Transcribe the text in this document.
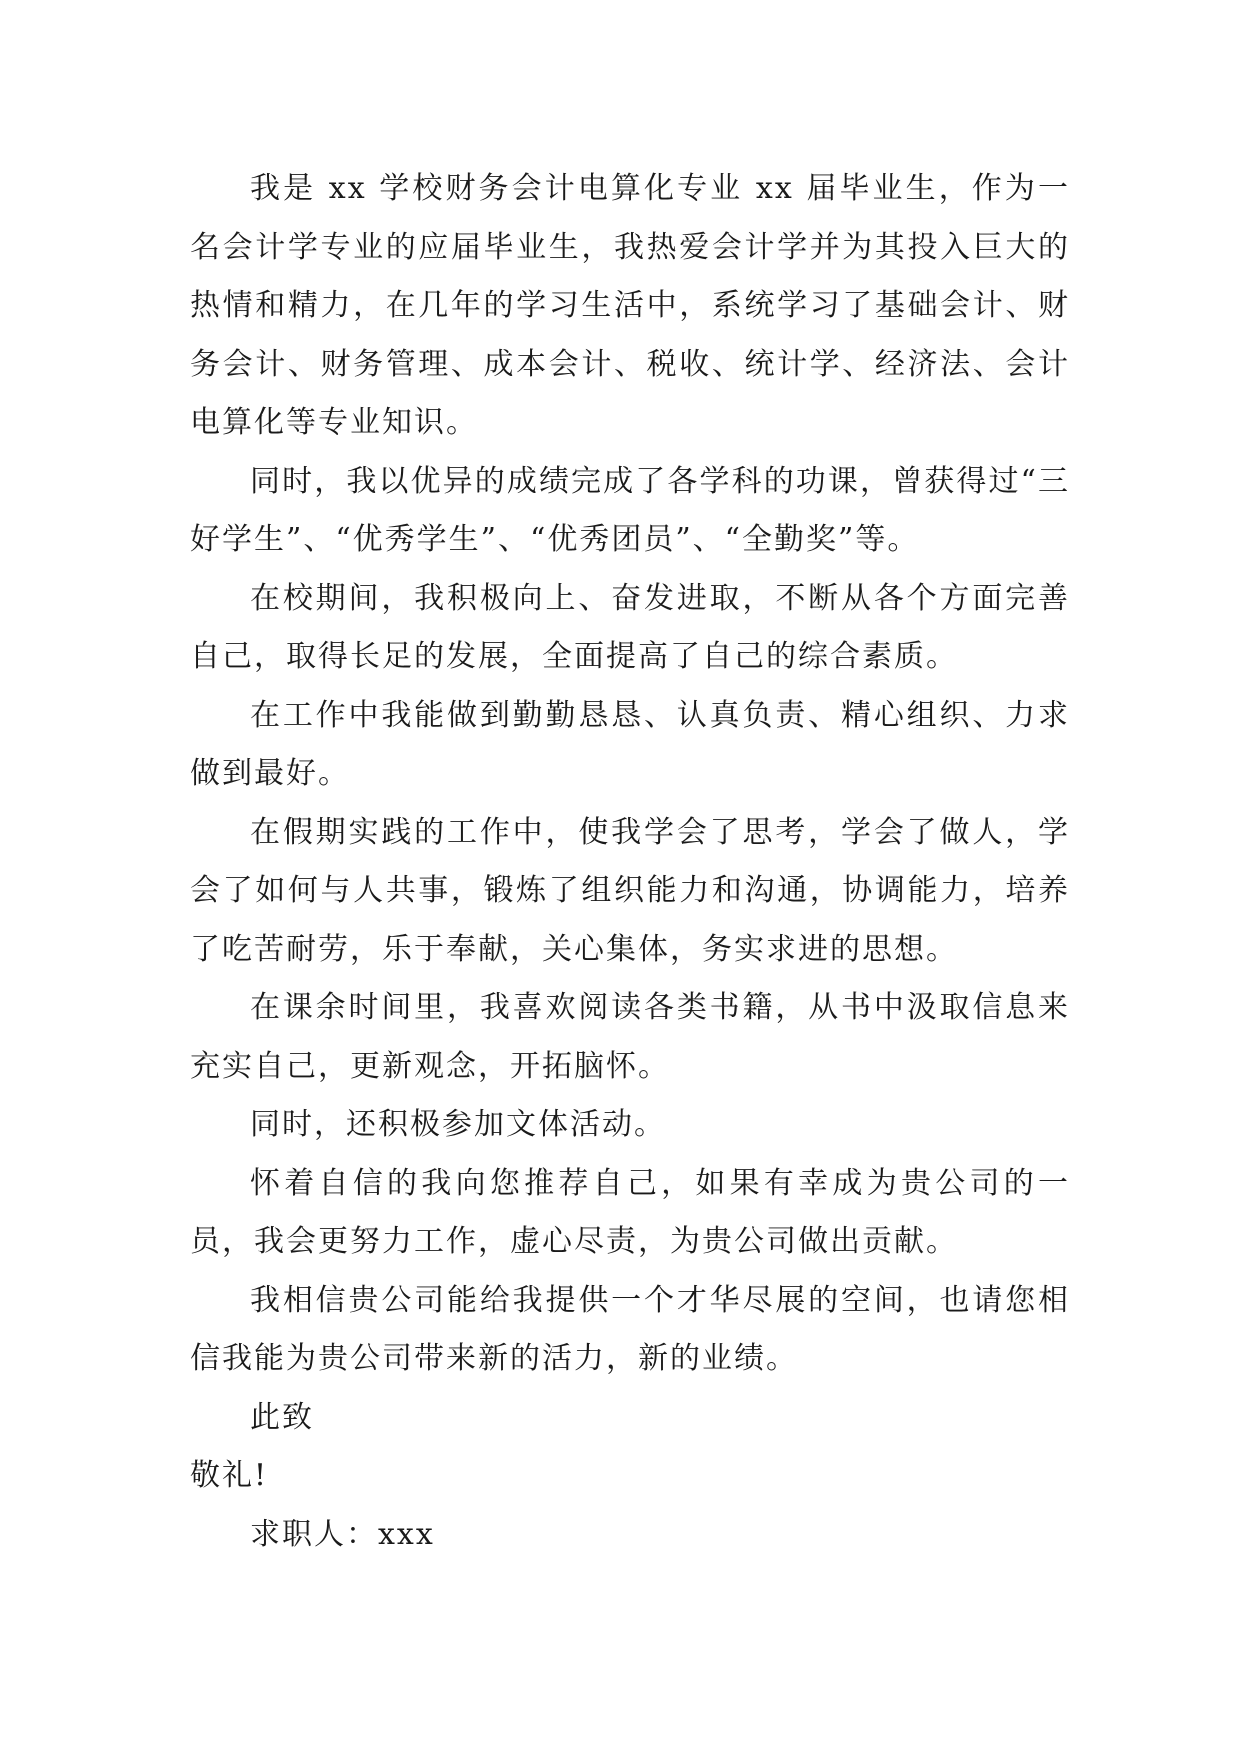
我是 xx 学校财务会计电算化专业 xx 届毕业生，作为一名会计学专业的应届毕业生，我热爱会计学并为其投入巨大的热情和精力，在几年的学习生活中，系统学习了基础会计、财务会计、财务管理、成本会计、税收、统计学、经济法、会计电算化等专业知识。

同时，我以优异的成绩完成了各学科的功课，曾获得过“三好学生”、“优秀学生”、“优秀团员”、“全勤奖”等。

在校期间，我积极向上、奋发进取，不断从各个方面完善自己，取得长足的发展，全面提高了自己的综合素质。

在工作中我能做到勤勤恳恳、认真负责、精心组织、力求做到最好。

在假期实践的工作中，使我学会了思考，学会了做人，学会了如何与人共事，锻炼了组织能力和沟通，协调能力，培养了吃苦耐劳，乐于奉献，关心集体，务实求进的思想。

在课余时间里，我喜欢阅读各类书籍，从书中汲取信息来充实自己，更新观念，开拓脑怀。

同时，还积极参加文体活动。

怀着自信的我向您推荐自己，如果有幸成为贵公司的一员，我会更努力工作，虚心尽责，为贵公司做出贡献。

我相信贵公司能给我提供一个才华尽展的空间，也请您相信我能为贵公司带来新的活力，新的业绩。

此致

敬礼!

求职人：xxx
